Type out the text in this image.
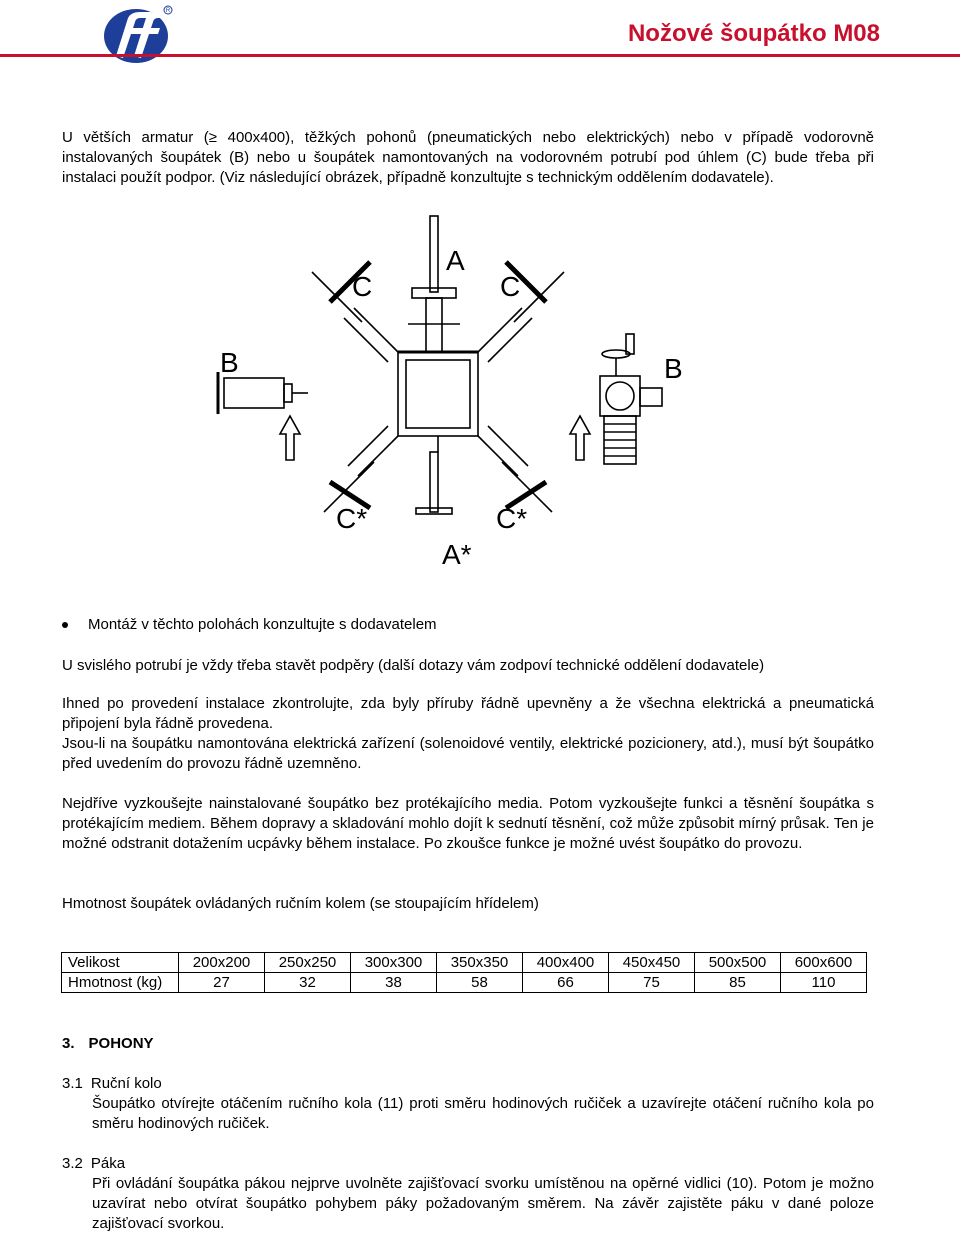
R
Nožové šoupátko M08
U větších armatur (≥ 400x400), těžkých pohonů (pneumatických nebo elektrických) nebo v případě vodorovně instalovaných šoupátek (B) nebo u šoupátek namontovaných na vodorovném potrubí pod úhlem (C) bude třeba při instalaci použít podpor. (Viz následující obrázek, případně konzultujte s technickým oddělením dodavatele).
A
A*
B	B
C	C
C*	C*
Montáž v těchto polohách konzultujte s dodavatelem
U svislého potrubí je vždy třeba stavět podpěry (další dotazy vám zodpoví technické oddělení dodavatele)
Ihned po provedení instalace zkontrolujte, zda byly příruby řádně upevněny a že všechna elektrická a pneumatická připojení byla řádně provedena.
Jsou-li na šoupátku namontována elektrická zařízení (solenoidové ventily, elektrické pozicionery, atd.), musí být šoupátko před uvedením do provozu řádně uzemněno.
Nejdříve vyzkoušejte nainstalované šoupátko bez protékajícího media. Potom vyzkoušejte funkci a těsnění šoupátka s protékajícím mediem. Během dopravy a skladování mohlo dojít k sednutí těsnění, což může způsobit mírný průsak. Ten je možné odstranit dotažením ucpávky během instalace. Po zkoušce funkce je možné uvést šoupátko do provozu.
Hmotnost šoupátek ovládaných ručním kolem (se stoupajícím hřídelem)
Velikost	200x200	250x250	300x300	350x350	400x400	450x450	500x500	600x600
Hmotnost (kg)	27	32	38	58	66	75	85	110
3. POHONY
3.1 Ruční kolo
Šoupátko otvírejte otáčením ručního kola (11) proti směru hodinových ručiček a uzavírejte otáčení ručního kola po směru hodinových ručiček.
3.2 Páka
Při ovládání šoupátka pákou nejprve uvolněte zajišťovací svorku umístěnou na opěrné vidlici (10). Potom je možno uzavírat nebo otvírat šoupátko pohybem páky požadovaným směrem. Na závěr zajistěte páku v dané poloze zajišťovací svorkou.
